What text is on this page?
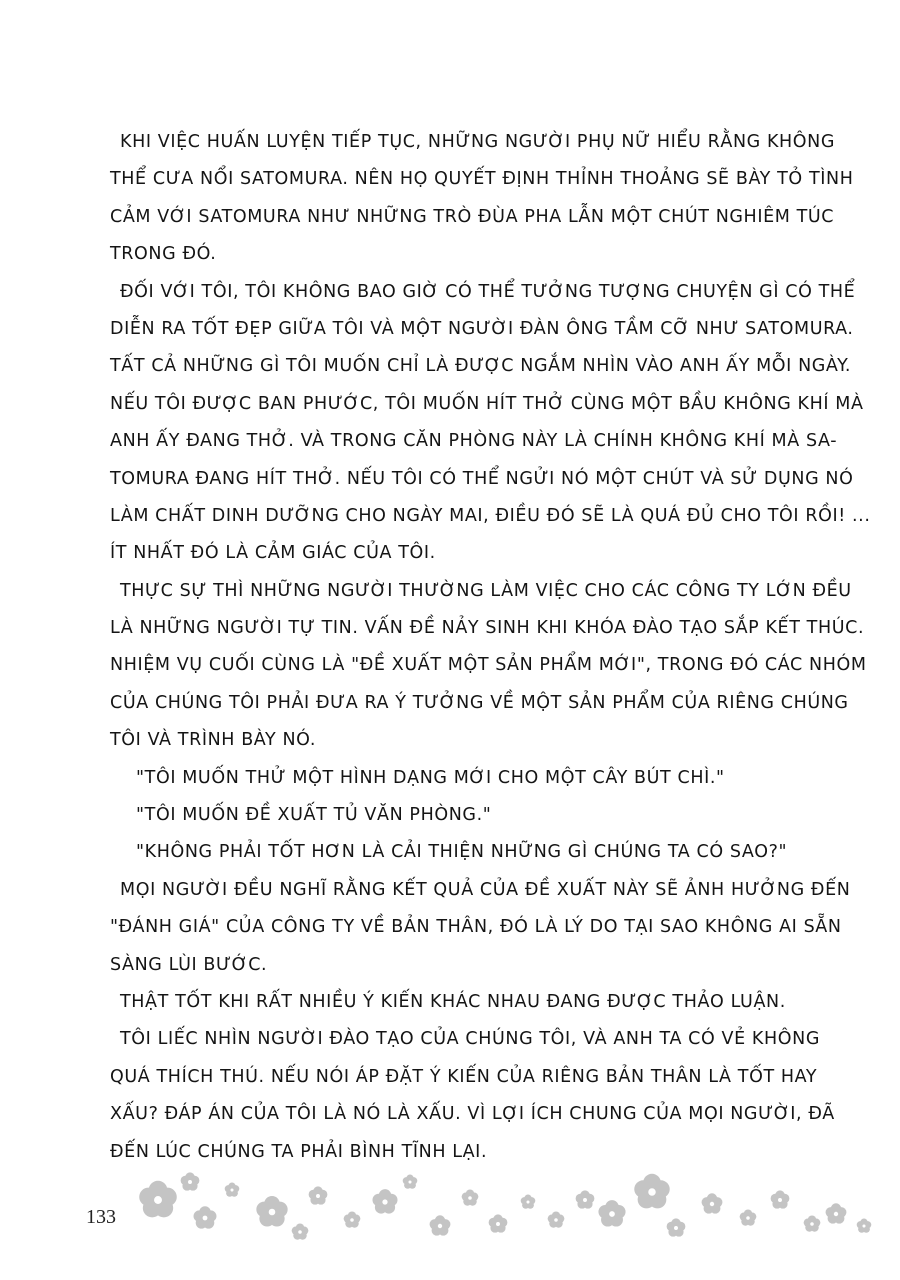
KHI VIỆC HUẤN LUYỆN TIẾP TỤC, NHỮNG NGƯỜI PHỤ NỮ HIỂU RẰNG KHÔNG
THỂ CƯA NỔI SATOMURA. NÊN HỌ QUYẾT ĐỊNH THỈNH THOẢNG SẼ BÀY TỎ TÌNH
CẢM VỚI SATOMURA NHƯ NHỮNG TRÒ ĐÙA PHA LẪN MỘT CHÚT NGHIÊM TÚC
TRONG ĐÓ.
ĐỐI VỚI TÔI, TÔI KHÔNG BAO GIỜ CÓ THỂ TƯỞNG TƯỢNG CHUYỆN GÌ CÓ THỂ
DIỄN RA TỐT ĐẸP GIỮA TÔI VÀ MỘT NGƯỜI ĐÀN ÔNG TẦM CỠ NHƯ SATOMURA.
TẤT CẢ NHỮNG GÌ TÔI MUỐN CHỈ LÀ ĐƯỢC NGẮM NHÌN VÀO ANH ẤY MỖI NGÀY.
NẾU TÔI ĐƯỢC BAN PHƯỚC, TÔI MUỐN HÍT THỞ CÙNG MỘT BẦU KHÔNG KHÍ MÀ
ANH ẤY ĐANG THỞ. VÀ TRONG CĂN PHÒNG NÀY LÀ CHÍNH KHÔNG KHÍ MÀ SA-
TOMURA ĐANG HÍT THỞ. NẾU TÔI CÓ THỂ NGỬI NÓ MỘT CHÚT VÀ SỬ DỤNG NÓ
LÀM CHẤT DINH DƯỠNG CHO NGÀY MAI, ĐIỀU ĐÓ SẼ LÀ QUÁ ĐỦ CHO TÔI RỒI! ...
ÍT NHẤT ĐÓ LÀ CẢM GIÁC CỦA TÔI.
THỰC SỰ THÌ NHỮNG NGƯỜI THƯỜNG LÀM VIỆC CHO CÁC CÔNG TY LỚN ĐỀU
LÀ NHỮNG NGƯỜI TỰ TIN. VẤN ĐỀ NẢY SINH KHI KHÓA ĐÀO TẠO SẮP KẾT THÚC.
NHIỆM VỤ CUỐI CÙNG LÀ "ĐỀ XUẤT MỘT SẢN PHẨM MỚI", TRONG ĐÓ CÁC NHÓM
CỦA CHÚNG TÔI PHẢI ĐƯA RA Ý TƯỞNG VỀ MỘT SẢN PHẨM CỦA RIÊNG CHÚNG
TÔI VÀ TRÌNH BÀY NÓ.
"TÔI MUỐN THỬ MỘT HÌNH DẠNG MỚI CHO MỘT CÂY BÚT CHÌ."
"TÔI MUỐN ĐỀ XUẤT TỦ VĂN PHÒNG."
"KHÔNG PHẢI TỐT HƠN LÀ CẢI THIỆN NHỮNG GÌ CHÚNG TA CÓ SAO?"
MỌI NGƯỜI ĐỀU NGHĨ RẰNG KẾT QUẢ CỦA ĐỀ XUẤT NÀY SẼ ẢNH HƯỞNG ĐẾN
"ĐÁNH GIÁ" CỦA CÔNG TY VỀ BẢN THÂN, ĐÓ LÀ LÝ DO TẠI SAO KHÔNG AI SẴN
SÀNG LÙI BƯỚC.
THẬT TỐT KHI RẤT NHIỀU Ý KIẾN KHÁC NHAU ĐANG ĐƯỢC THẢO LUẬN.
TÔI LIẾC NHÌN NGƯỜI ĐÀO TẠO CỦA CHÚNG TÔI, VÀ ANH TA CÓ VẺ KHÔNG
QUÁ THÍCH THÚ. NẾU NÓI ÁP ĐẶT Ý KIẾN CỦA RIÊNG BẢN THÂN LÀ TỐT HAY
XẤU? ĐÁP ÁN CỦA TÔI LÀ NÓ LÀ XẤU. VÌ LỢI ÍCH CHUNG CỦA MỌI NGƯỜI, ĐÃ
ĐẾN LÚC CHÚNG TA PHẢI BÌNH TĨNH LẠI.
133
